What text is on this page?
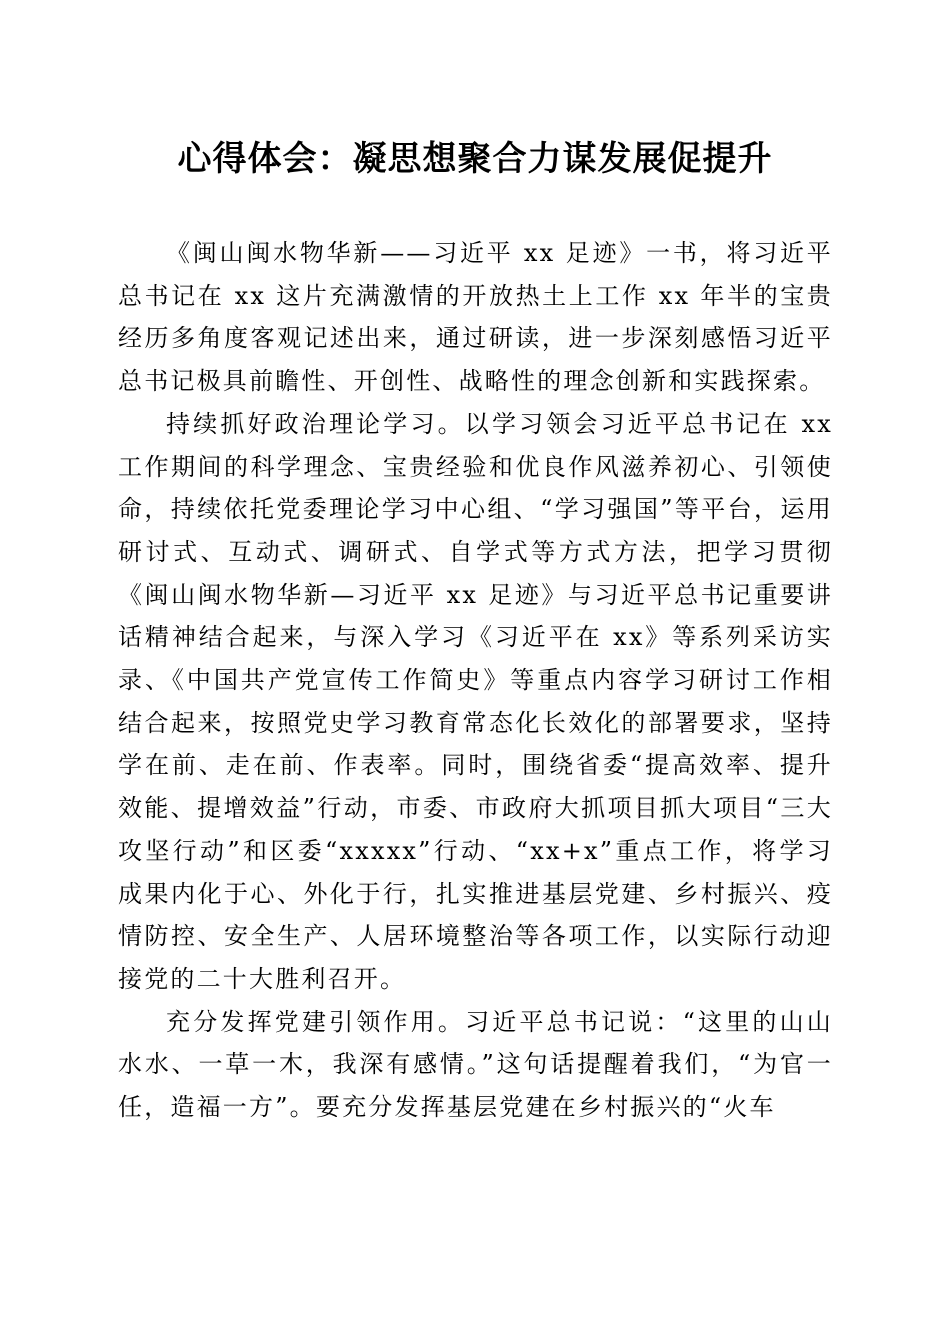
心得体会：凝思想聚合力谋发展促提升

《闽山闽水物华新——习近平 xx 足迹》一书，将习近平总书记在 xx 这片充满激情的开放热土上工作 xx 年半的宝贵经历多角度客观记述出来，通过研读，进一步深刻感悟习近平总书记极具前瞻性、开创性、战略性的理念创新和实践探索。

持续抓好政治理论学习。以学习领会习近平总书记在 xx 工作期间的科学理念、宝贵经验和优良作风滋养初心、引领使命，持续依托党委理论学习中心组、“学习强国”等平台，运用研讨式、互动式、调研式、自学式等方式方法，把学习贯彻《闽山闽水物华新—习近平 xx 足迹》与习近平总书记重要讲话精神结合起来，与深入学习《习近平在 xx》等系列采访实录、《中国共产党宣传工作简史》等重点内容学习研讨工作相结合起来，按照党史学习教育常态化长效化的部署要求，坚持学在前、走在前、作表率。同时，围绕省委“提高效率、提升效能、提增效益”行动，市委、市政府大抓项目抓大项目“三大攻坚行动”和区委“xxxxx”行动、“xx+x”重点工作，将学习成果内化于心、外化于行，扎实推进基层党建、乡村振兴、疫情防控、安全生产、人居环境整治等各项工作，以实际行动迎接党的二十大胜利召开。

充分发挥党建引领作用。习近平总书记说：“这里的山山水水、一草一木，我深有感情。”这句话提醒着我们，“为官一任，造福一方”。要充分发挥基层党建在乡村振兴的“火车
